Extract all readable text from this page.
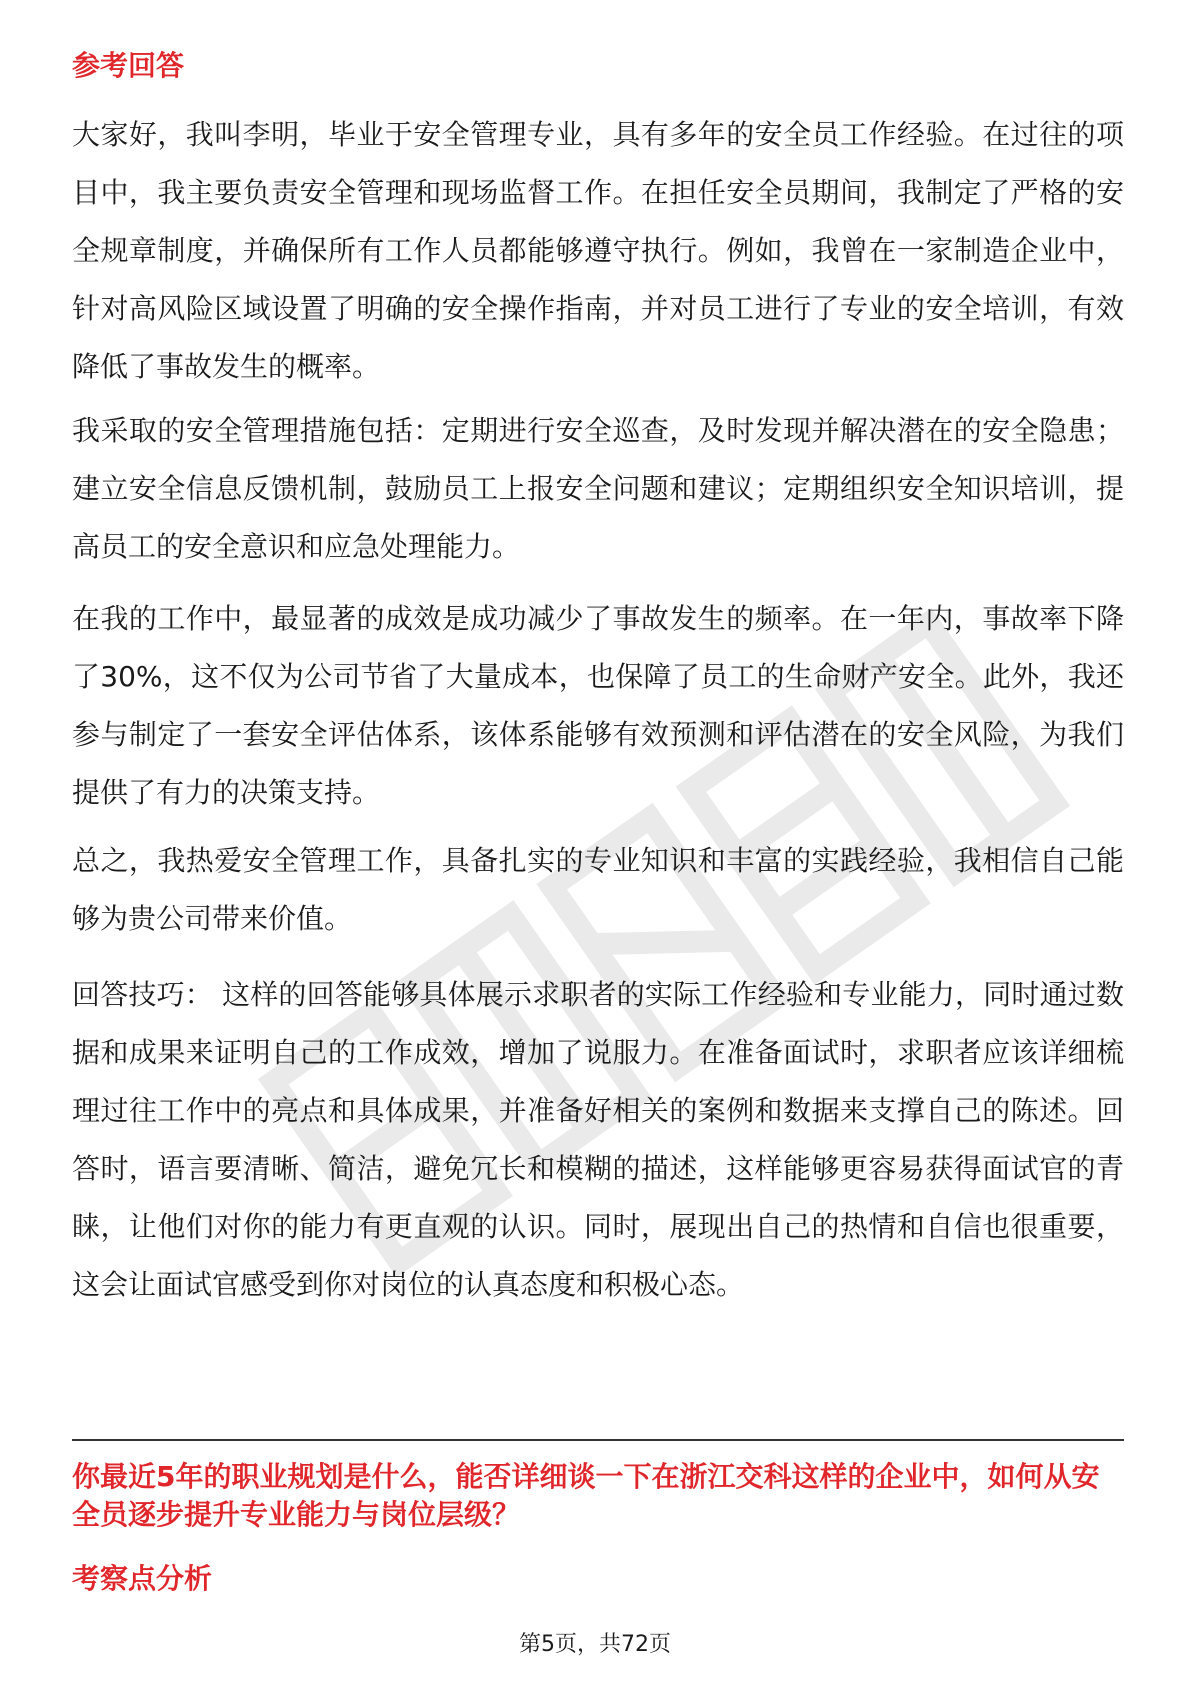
参考回答

大家好，我叫李明，毕业于安全管理专业，具有多年的安全员工作经验。在过往的项目中，我主要负责安全管理和现场监督工作。在担任安全员期间，我制定了严格的安全规章制度，并确保所有工作人员都能够遵守执行。例如，我曾在一家制造企业中，针对高风险区域设置了明确的安全操作指南，并对员工进行了专业的安全培训，有效降低了事故发生的概率。

我采取的安全管理措施包括：定期进行安全巡查，及时发现并解决潜在的安全隐患；建立安全信息反馈机制，鼓励员工上报安全问题和建议；定期组织安全知识培训，提高员工的安全意识和应急处理能力。

在我的工作中，最显著的成效是成功减少了事故发生的频率。在一年内，事故率下降了30%，这不仅为公司节省了大量成本，也保障了员工的生命财产安全。此外，我还参与制定了一套安全评估体系，该体系能够有效预测和评估潜在的安全风险，为我们提供了有力的决策支持。

总之，我热爱安全管理工作，具备扎实的专业知识和丰富的实践经验，我相信自己能够为贵公司带来价值。

回答技巧： 这样的回答能够具体展示求职者的实际工作经验和专业能力，同时通过数据和成果来证明自己的工作成效，增加了说服力。在准备面试时，求职者应该详细梳理过往工作中的亮点和具体成果，并准备好相关的案例和数据来支撑自己的陈述。回答时，语言要清晰、简洁，避免冗长和模糊的描述，这样能够更容易获得面试官的青睐，让他们对你的能力有更直观的认识。同时，展现出自己的热情和自信也很重要，这会让面试官感受到你对岗位的认真态度和积极心态。

你最近5年的职业规划是什么，能否详细谈一下在浙江交科这样的企业中，如何从安全员逐步提升专业能力与岗位层级？
考察点分析
第5页，共72页
